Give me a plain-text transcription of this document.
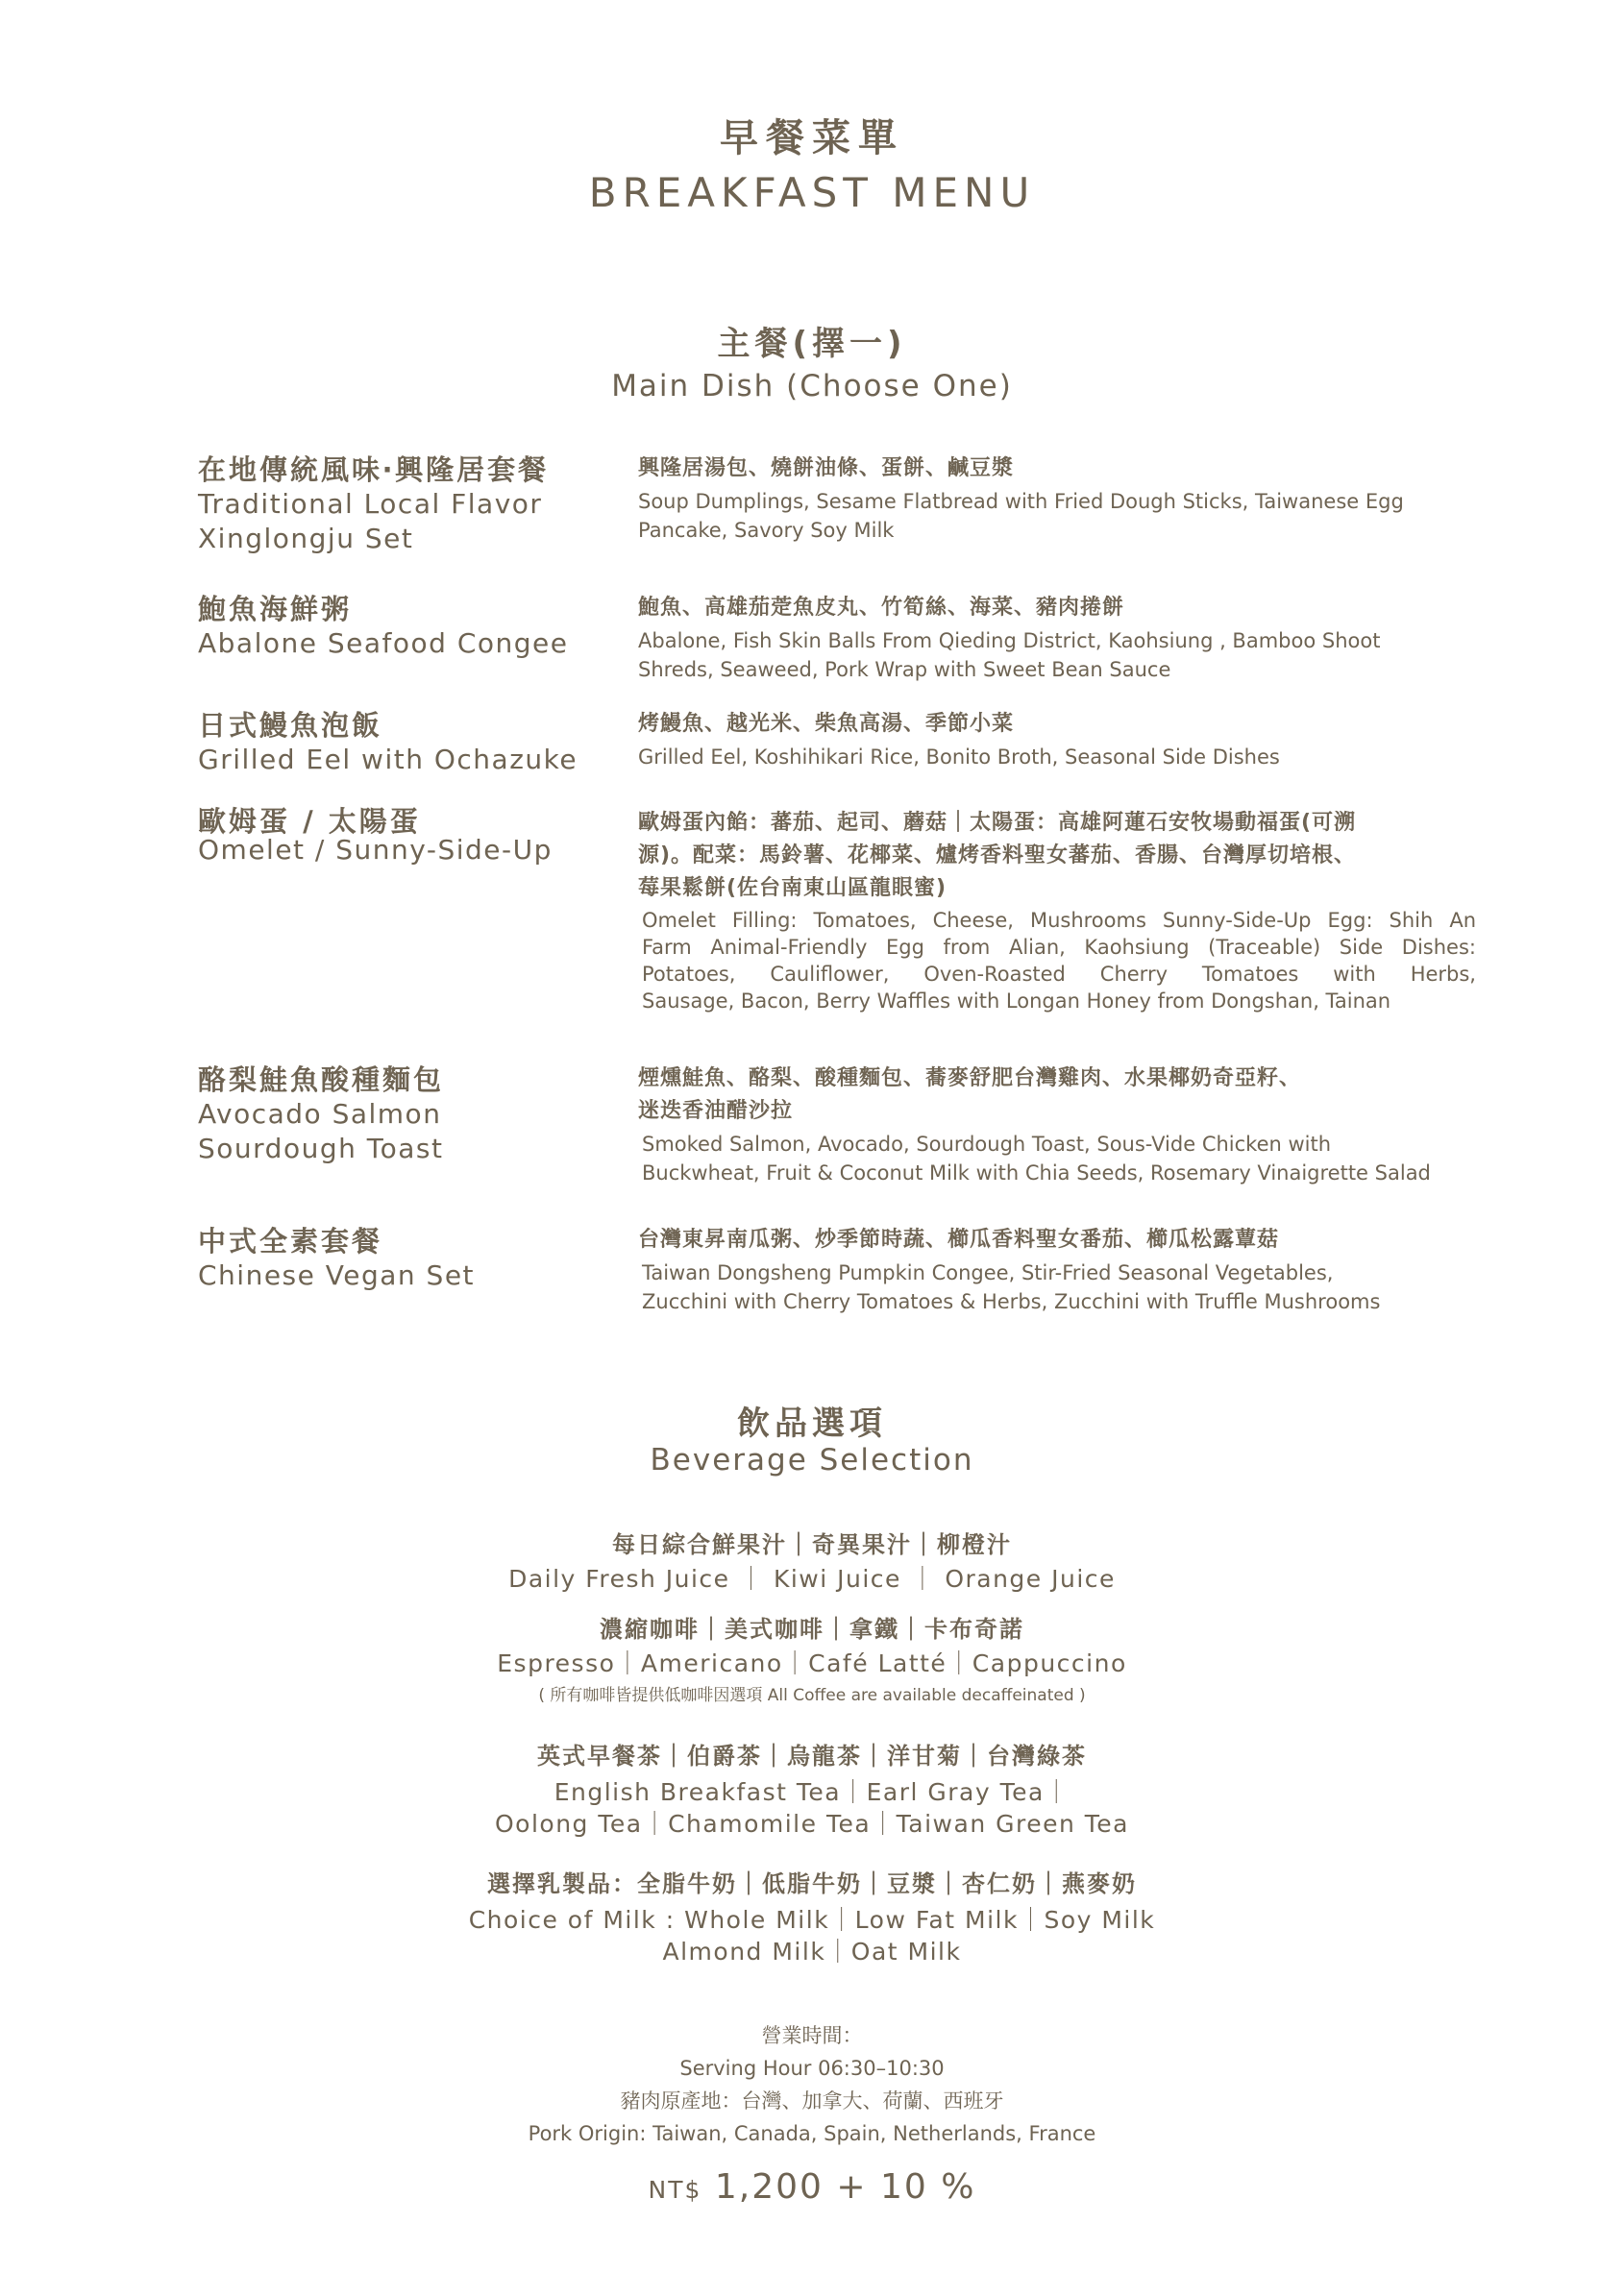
早餐菜單
BREAKFAST MENU
主餐(擇一)
Main Dish (Choose One)
在地傳統風味‧興隆居套餐
Traditional Local Flavor
Xinglongju Set
興隆居湯包、燒餅油條、蛋餅、鹹豆漿
Soup Dumplings, Sesame Flatbread with Fried Dough Sticks, Taiwanese Egg
Pancake, Savory Soy Milk
鮑魚海鮮粥
Abalone Seafood Congee
鮑魚、高雄茄萣魚皮丸、竹筍絲、海菜、豬肉捲餅
Abalone, Fish Skin Balls From Qieding District, Kaohsiung , Bamboo Shoot
Shreds, Seaweed, Pork Wrap with Sweet Bean Sauce
日式鰻魚泡飯
Grilled Eel with Ochazuke
烤鰻魚、越光米、柴魚高湯、季節小菜
Grilled Eel, Koshihikari Rice, Bonito Broth, Seasonal Side Dishes
歐姆蛋 / 太陽蛋
Omelet / Sunny-Side-Up
歐姆蛋內餡：蕃茄、起司、蘑菇｜太陽蛋：高雄阿蓮石安牧場動福蛋(可溯
源)。配菜：馬鈴薯、花椰菜、爐烤香料聖女蕃茄、香腸、台灣厚切培根、
莓果鬆餅(佐台南東山區龍眼蜜)
Omelet Filling: Tomatoes, Cheese, Mushrooms Sunny-Side-Up Egg: Shih An
Farm Animal-Friendly Egg from Alian, Kaohsiung (Traceable) Side Dishes:
Potatoes, Cauliflower, Oven-Roasted Cherry Tomatoes with Herbs,
Sausage, Bacon, Berry Waffles with Longan Honey from Dongshan, Tainan
酪梨鮭魚酸種麵包
Avocado Salmon
Sourdough Toast
煙燻鮭魚、酪梨、酸種麵包、蕎麥舒肥台灣雞肉、水果椰奶奇亞籽、
迷迭香油醋沙拉
Smoked Salmon, Avocado, Sourdough Toast, Sous-Vide Chicken with
Buckwheat, Fruit & Coconut Milk with Chia Seeds, Rosemary Vinaigrette Salad
中式全素套餐
Chinese Vegan Set
台灣東昇南瓜粥、炒季節時蔬、櫛瓜香料聖女番茄、櫛瓜松露蕈菇
Taiwan Dongsheng Pumpkin Congee, Stir-Fried Seasonal Vegetables,
Zucchini with Cherry Tomatoes & Herbs, Zucchini with Truffle Mushrooms
飲品選項
Beverage Selection
每日綜合鮮果汁｜奇異果汁｜柳橙汁
Daily Fresh Juice ｜ Kiwi Juice ｜ Orange Juice
濃縮咖啡｜美式咖啡｜拿鐵｜卡布奇諾
Espresso｜Americano｜Café Latté｜Cappuccino
( 所有咖啡皆提供低咖啡因選項 All Coffee are available decaffeinated )
英式早餐茶｜伯爵茶｜烏龍茶｜洋甘菊｜台灣綠茶
English Breakfast Tea｜Earl Gray Tea｜
Oolong Tea｜Chamomile Tea｜Taiwan Green Tea
選擇乳製品：全脂牛奶｜低脂牛奶｜豆漿｜杏仁奶｜燕麥奶
Choice of Milk : Whole Milk｜Low Fat Milk｜Soy Milk
Almond Milk｜Oat Milk
營業時間：
Serving Hour 06:30–10:30
豬肉原產地：台灣、加拿大、荷蘭、西班牙
Pork Origin: Taiwan, Canada, Spain, Netherlands, France
NT$ 1,200 + 10 %
